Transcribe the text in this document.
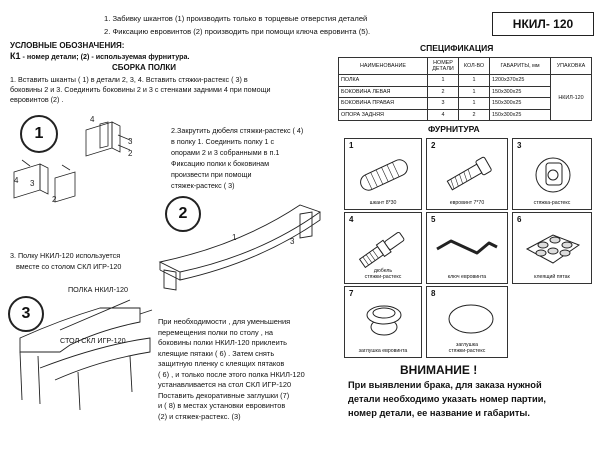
1. Забивку шкантов (1) производить только в торцевые отверстия деталей
2. Фиксацию евровинтов (2) производить при помощи ключа евровинта (5).
НКИЛ- 120
УСЛОВНЫЕ ОБОЗНАЧЕНИЯ:
К1 - номер детали; (2) - используемая фурнитура.
СБОРКА ПОЛКИ
1. Вставить шканты ( 1) в детали 2, 3, 4. Вставить стяжки-растекс ( 3) в
боковины 2 и 3. Соединить боковины 2 и 3 с стенками задними 4 при помощи
евровинтов (2) .
1
4
3
2
4 3
2
2.Закрутить дюбеля стяжки-растекс ( 4)
в полку 1. Соединить полку 1 с
опорами 2 и 3 собранными в п.1
Фиксацию полки к боковинам
произвести при помощи
стяжек-растекс ( 3)
2
1	3
3. Полку НКИЛ-120 используется
вместе со столом СКЛ ИГР-120
3
ПОЛКА НКИЛ-120
СТОЛ СКЛ ИГР-120
При необходимости , для уменьшения
перемещения полки по столу , на
боковины полки НКИЛ-120 приклеить
клеящие пятаки ( 6) . Затем снять
защитную пленку с клеящих пятаков
( 6) , и только после этого полка НКИЛ-120
устанавливается на стол СКЛ ИГР-120
Поставить декоративные заглушки (7)
и ( 8) в местах установки евровинтов
(2) и стяжек-растекс. (3)
СПЕЦИФИКАЦИЯ
НАИМЕНОВАНИЕ	НОМЕР ДЕТАЛИ	КОЛ-ВО	ГАБАРИТЫ, мм	УПАКОВКА
ПОЛКА	1	1	1200х370х25	НКИЛ-120
БОКОВИНА ЛЕВАЯ	2	1	150х300х25	
БОКОВИНА ПРАВАЯ	3	1	150х300х25	
ОПОРА ЗАДНЯЯ	4	2	150х300х25	
ФУРНИТУРА
1
шкант 8*30
2
евровинт 7*70
3
стяжка-растекс
4
дюбель
стяжки-растекс
5
ключ евровинта
6
клеящий пятак
7
заглушка евровинта
8
заглушка
стяжки-растекс
ВНИМАНИЕ !
При выявлении брака, для заказа нужной
детали необходимо указать номер партии,
номер детали, ее название и габариты.
